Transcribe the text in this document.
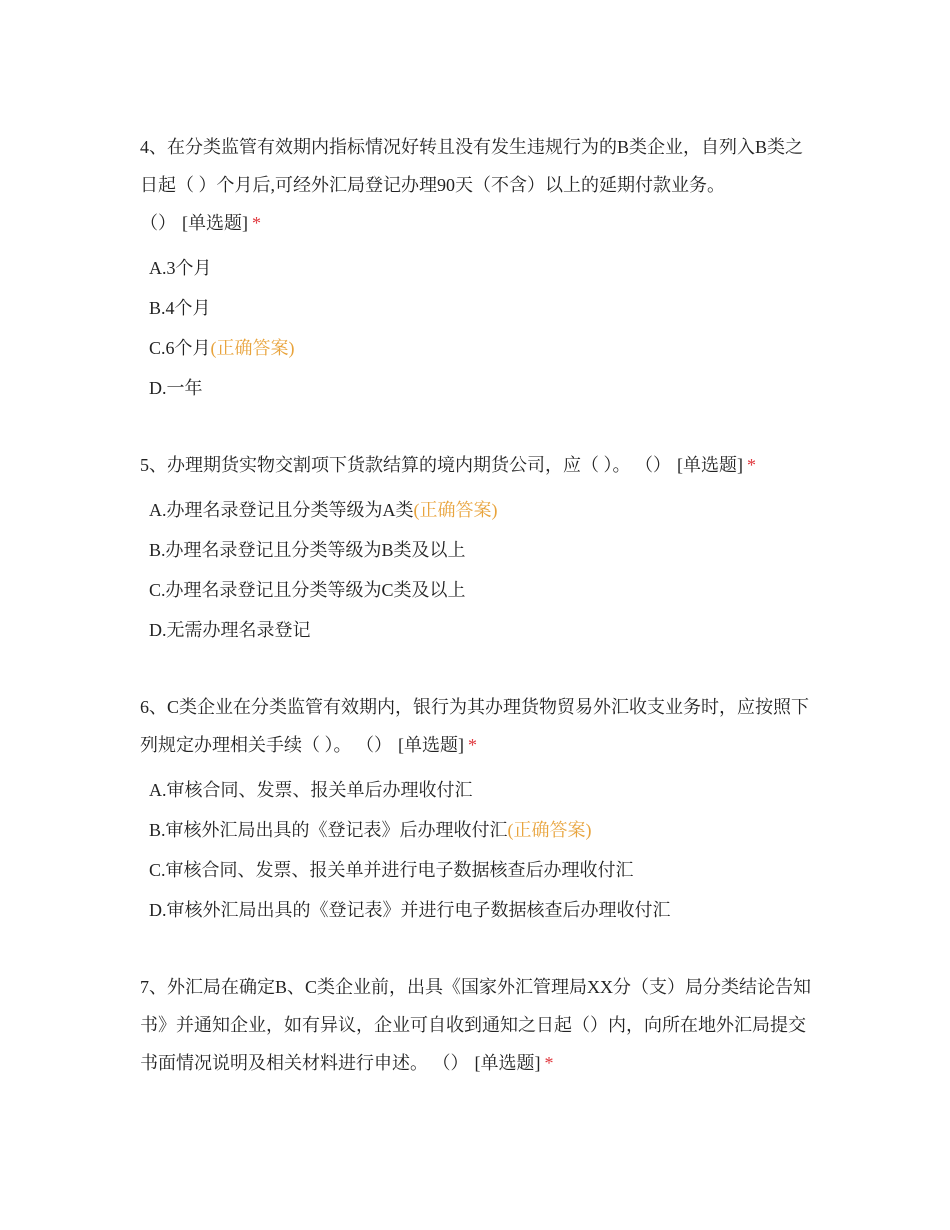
4、在分类监管有效期内指标情况好转且没有发生违规行为的B类企业，自列入B类之日起（ ）个月后,可经外汇局登记办理90天（不含）以上的延期付款业务。
（） [单选题] *

A.3个月
B.4个月
C.6个月(正确答案)
D.一年

5、办理期货实物交割项下货款结算的境内期货公司，应（ ）。 （） [单选题] *

A.办理名录登记且分类等级为A类(正确答案)
B.办理名录登记且分类等级为B类及以上
C.办理名录登记且分类等级为C类及以上
D.无需办理名录登记

6、C类企业在分类监管有效期内，银行为其办理货物贸易外汇收支业务时，应按照下列规定办理相关手续（ ）。 （） [单选题] *

A.审核合同、发票、报关单后办理收付汇
B.审核外汇局出具的《登记表》后办理收付汇(正确答案)
C.审核合同、发票、报关单并进行电子数据核查后办理收付汇
D.审核外汇局出具的《登记表》并进行电子数据核查后办理收付汇

7、外汇局在确定B、C类企业前，出具《国家外汇管理局XX分（支）局分类结论告知书》并通知企业，如有异议，企业可自收到通知之日起（）内，向所在地外汇局提交书面情况说明及相关材料进行申述。 （） [单选题] *
